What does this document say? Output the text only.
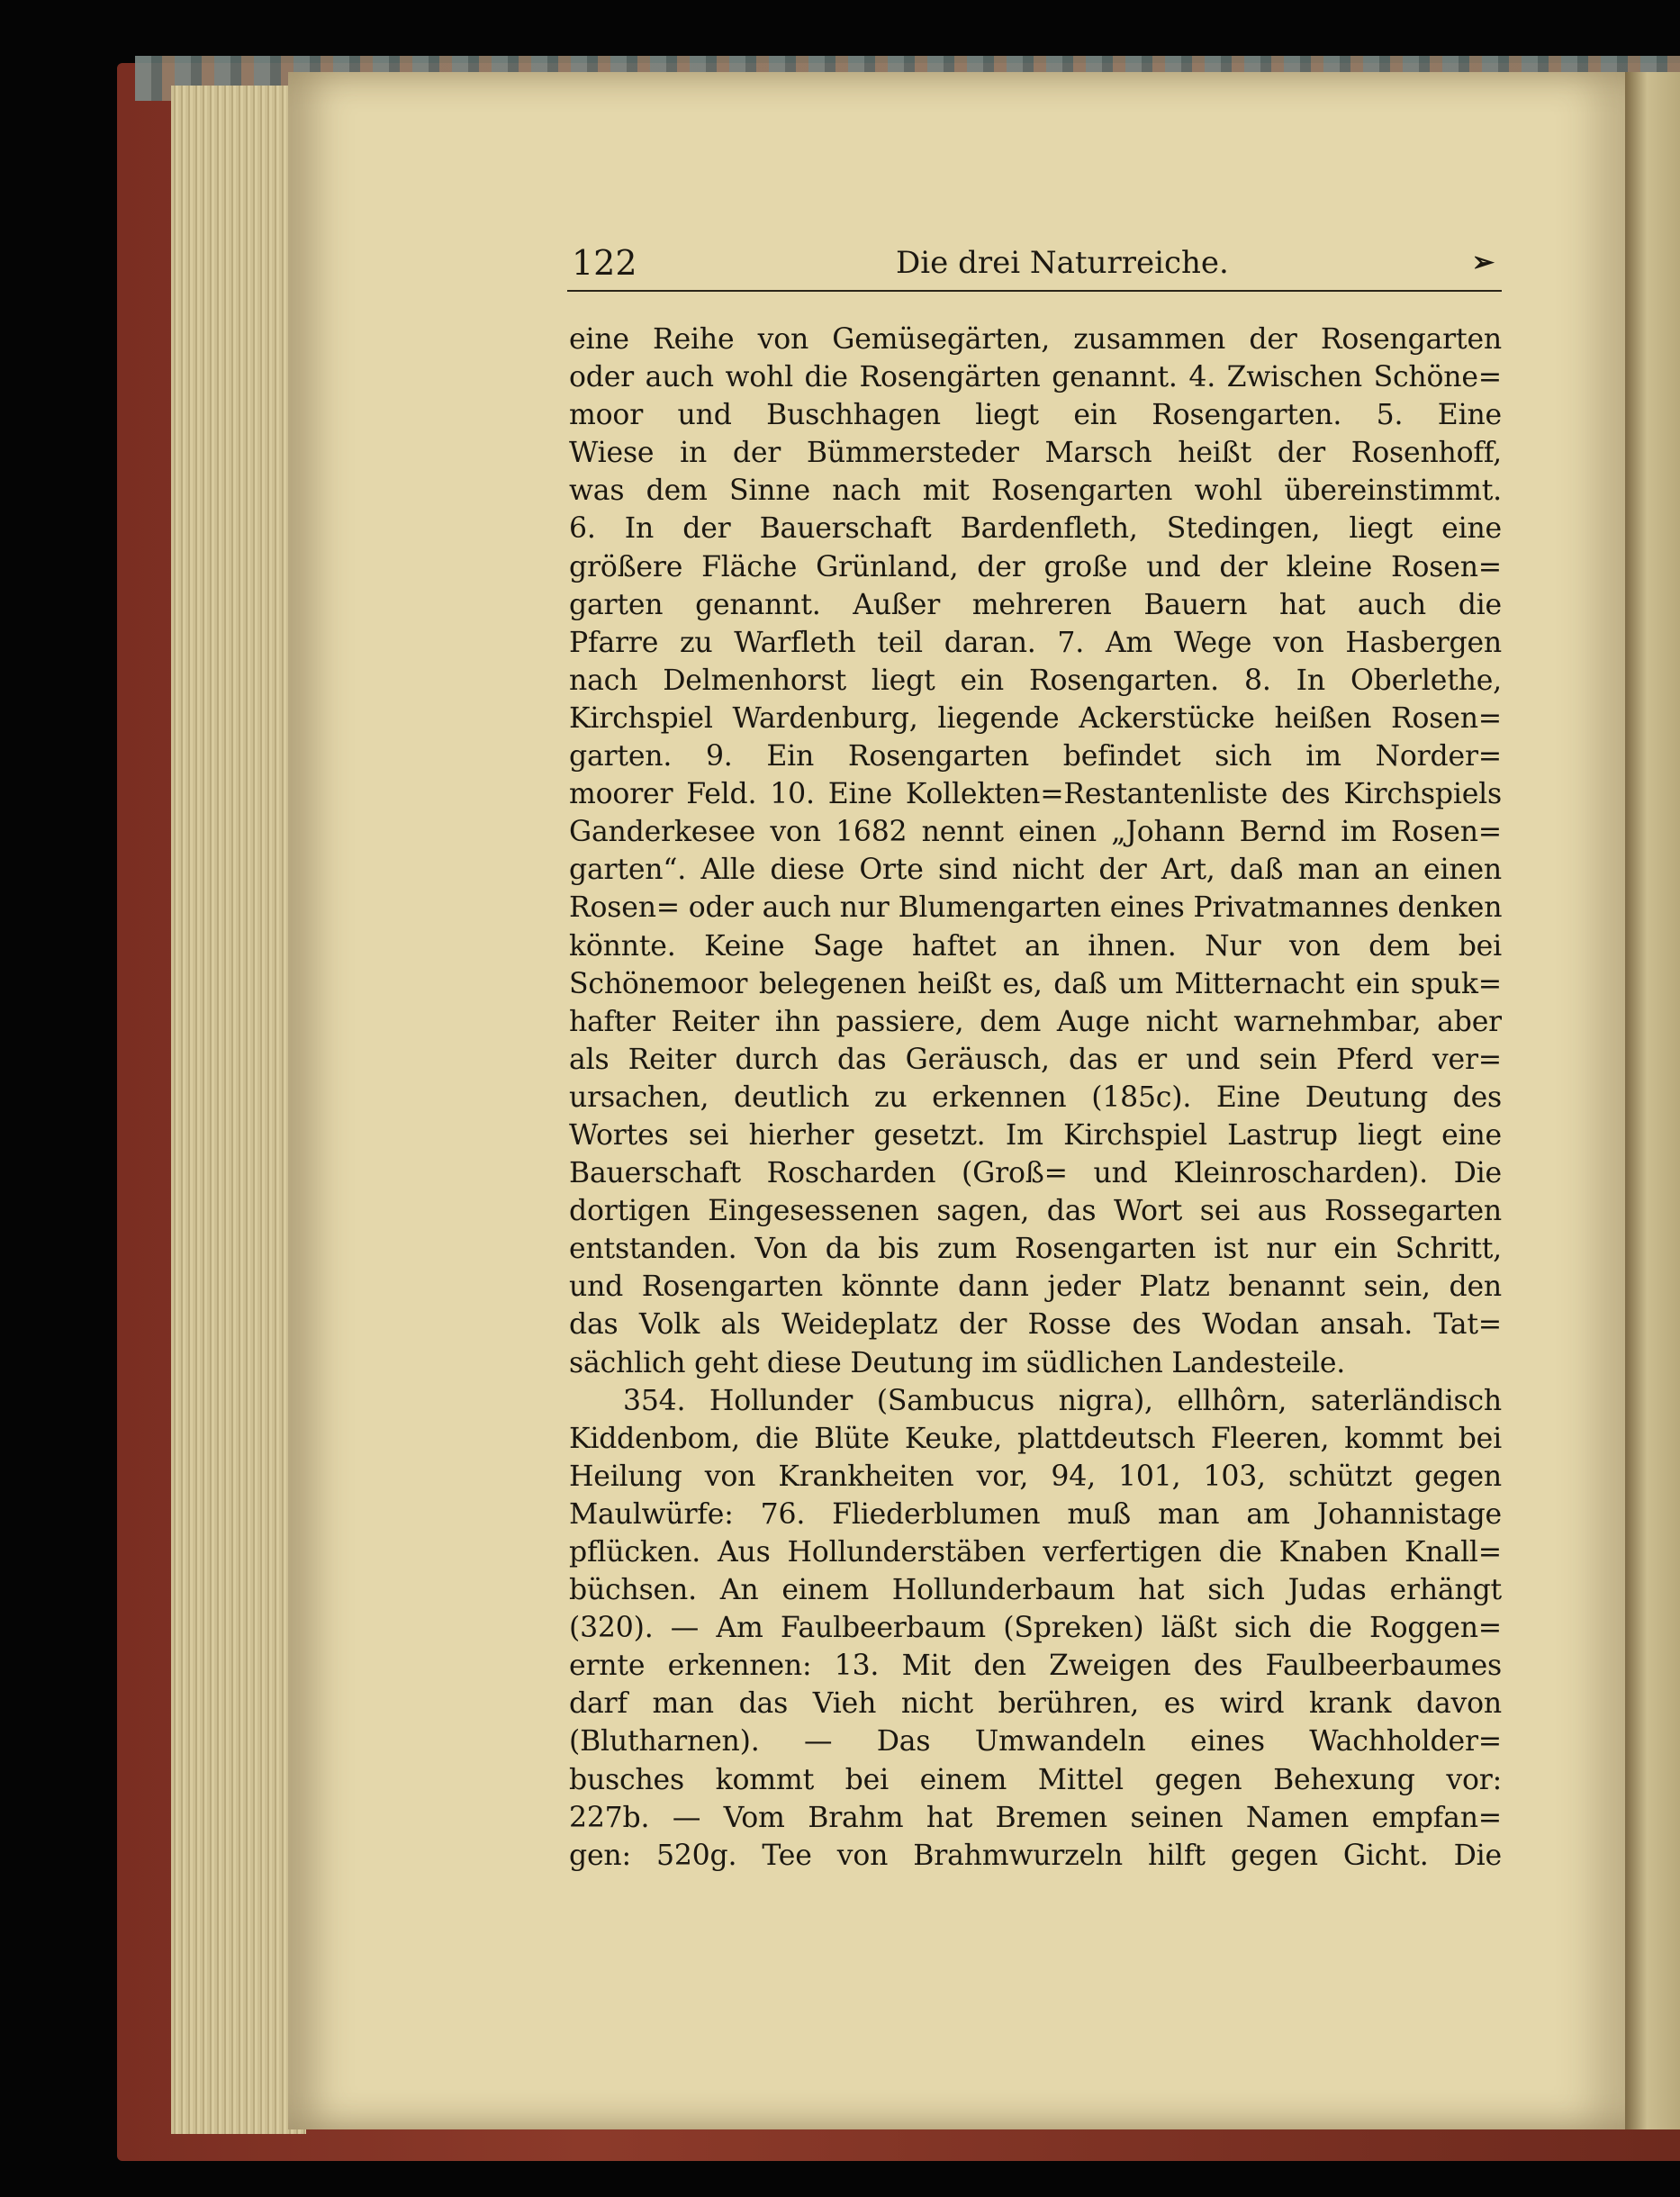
122	Die drei Naturreiche.	➢
eine Reihe von Gemüsegärten, zusammen der Rosengarten
oder auch wohl die Rosengärten genannt. 4. Zwischen Schöne=
moor und Buschhagen liegt ein Rosengarten. 5. Eine
Wiese in der Bümmersteder Marsch heißt der Rosenhoff,
was dem Sinne nach mit Rosengarten wohl übereinstimmt.
6. In der Bauerschaft Bardenfleth, Stedingen, liegt eine
größere Fläche Grünland, der große und der kleine Rosen=
garten genannt. Außer mehreren Bauern hat auch die
Pfarre zu Warfleth teil daran. 7. Am Wege von Hasbergen
nach Delmenhorst liegt ein Rosengarten. 8. In Oberlethe,
Kirchspiel Wardenburg, liegende Ackerstücke heißen Rosen=
garten. 9. Ein Rosengarten befindet sich im Norder=
moorer Feld. 10. Eine Kollekten=Restantenliste des Kirchspiels
Ganderkesee von 1682 nennt einen „Johann Bernd im Rosen=
garten“. Alle diese Orte sind nicht der Art, daß man an einen
Rosen= oder auch nur Blumengarten eines Privatmannes denken
könnte. Keine Sage haftet an ihnen. Nur von dem bei
Schönemoor belegenen heißt es, daß um Mitternacht ein spuk=
hafter Reiter ihn passiere, dem Auge nicht warnehmbar, aber
als Reiter durch das Geräusch, das er und sein Pferd ver=
ursachen, deutlich zu erkennen (185c). Eine Deutung des
Wortes sei hierher gesetzt. Im Kirchspiel Lastrup liegt eine
Bauerschaft Roscharden (Groß= und Kleinroscharden). Die
dortigen Eingesessenen sagen, das Wort sei aus Rossegarten
entstanden. Von da bis zum Rosengarten ist nur ein Schritt,
und Rosengarten könnte dann jeder Platz benannt sein, den
das Volk als Weideplatz der Rosse des Wodan ansah. Tat=
sächlich geht diese Deutung im südlichen Landesteile.
354. Hollunder (Sambucus nigra), ellhôrn, saterländisch
Kiddenbom, die Blüte Keuke, plattdeutsch Fleeren, kommt bei
Heilung von Krankheiten vor, 94, 101, 103, schützt gegen
Maulwürfe: 76. Fliederblumen muß man am Johannistage
pflücken. Aus Hollunderstäben verfertigen die Knaben Knall=
büchsen. An einem Hollunderbaum hat sich Judas erhängt
(320). — Am Faulbeerbaum (Spreken) läßt sich die Roggen=
ernte erkennen: 13. Mit den Zweigen des Faulbeerbaumes
darf man das Vieh nicht berühren, es wird krank davon
(Blutharnen). — Das Umwandeln eines Wachholder=
busches kommt bei einem Mittel gegen Behexung vor:
227b. — Vom Brahm hat Bremen seinen Namen empfan=
gen: 520g. Tee von Brahmwurzeln hilft gegen Gicht. Die
